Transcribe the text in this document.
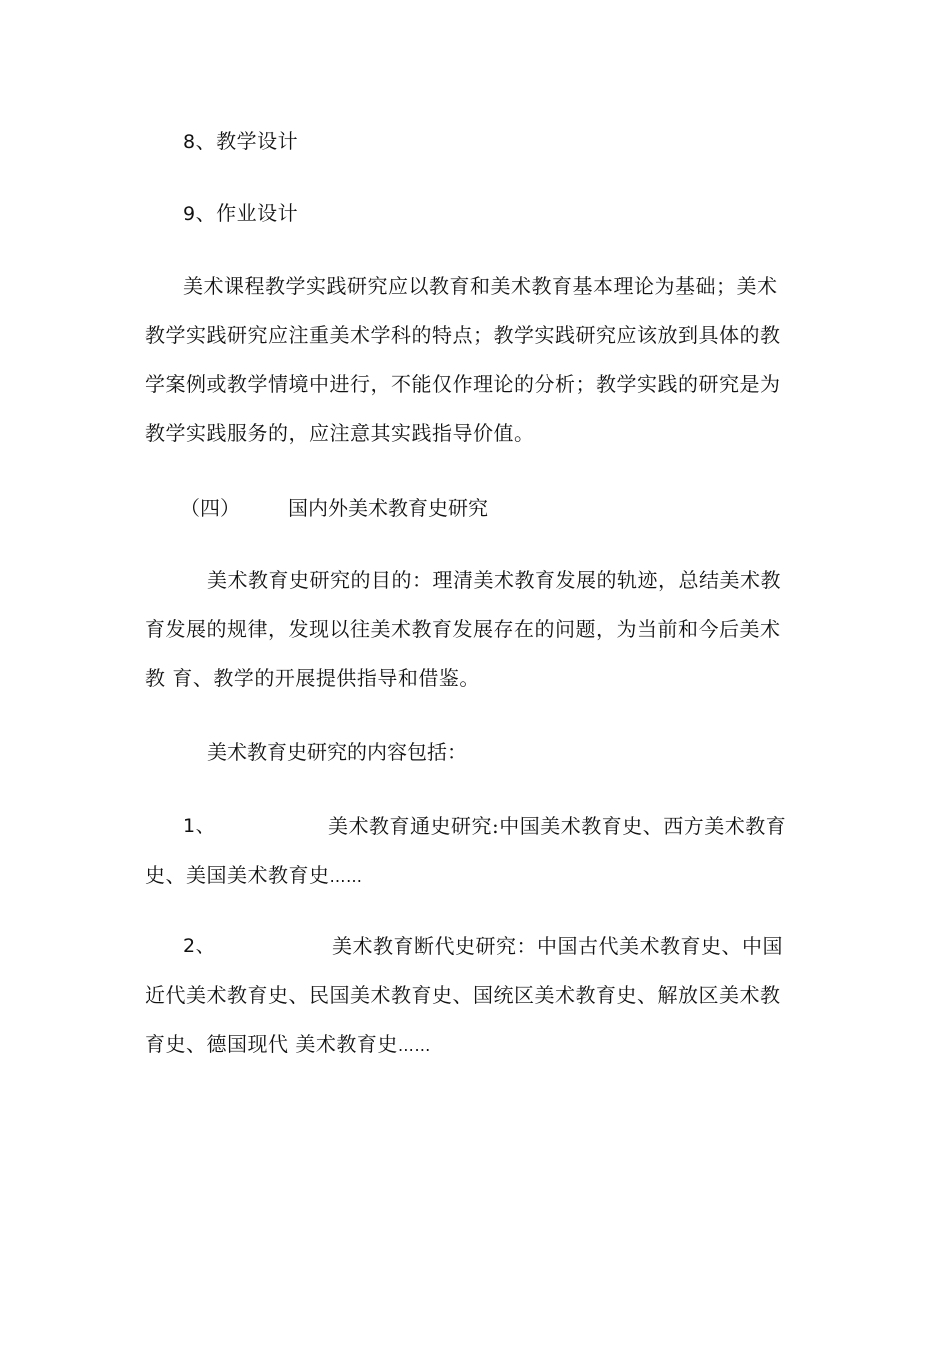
8、教学设计
9、作业设计
美术课程教学实践研究应以教育和美术教育基本理论为基础；美术
教学实践研究应注重美术学科的特点；教学实践研究应该放到具体的教
学案例或教学情境中进行，不能仅作理论的分析；教学实践的研究是为
教学实践服务的，应注意其实践指导价值。
（四） 国内外美术教育史研究
美术教育史研究的目的：理清美术教育发展的轨迹，总结美术教
育发展的规律，发现以往美术教育发展存在的问题，为当前和今后美术
教 育、教学的开展提供指导和借鉴。
美术教育史研究的内容包括：
1、	美术教育通史研究:中国美术教育史、西方美术教育
史、美国美术教育史……
2、	美术教育断代史研究：中国古代美术教育史、中国
近代美术教育史、民国美术教育史、国统区美术教育史、解放区美术教
育史、德国现代 美术教育史……
